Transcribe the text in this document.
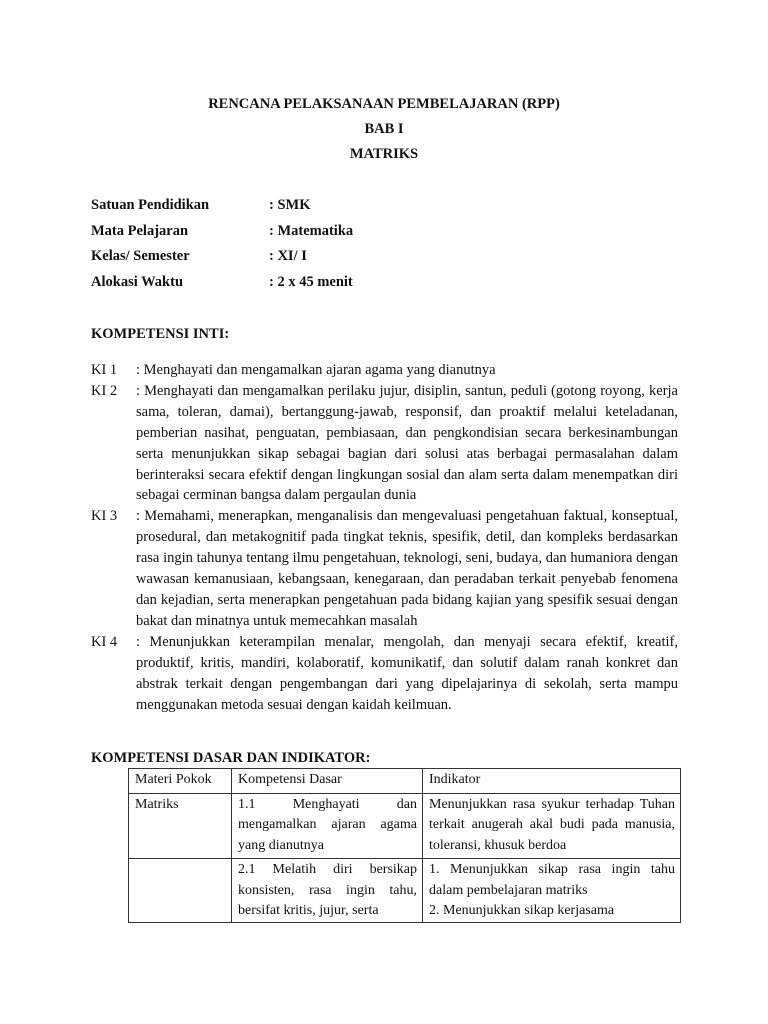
RENCANA PELAKSANAAN PEMBELAJARAN (RPP)
BAB I
MATRIKS
Satuan Pendidikan	: SMK
Mata Pelajaran	: Matematika
Kelas/ Semester	: XI/ I
Alokasi Waktu	: 2 x 45 menit
KOMPETENSI INTI:
KI 1	: Menghayati dan mengamalkan ajaran agama yang dianutnya
KI 2	: Menghayati dan mengamalkan perilaku jujur, disiplin, santun, peduli (gotong royong, kerja sama, toleran, damai), bertanggung-jawab, responsif, dan proaktif melalui keteladanan, pemberian nasihat, penguatan, pembiasaan, dan pengkondisian secara berkesinambungan serta menunjukkan sikap sebagai bagian dari solusi atas berbagai permasalahan dalam berinteraksi secara efektif dengan lingkungan sosial dan alam serta dalam menempatkan diri sebagai cerminan bangsa dalam pergaulan dunia
KI 3	: Memahami, menerapkan, menganalisis dan mengevaluasi pengetahuan faktual, konseptual, prosedural, dan metakognitif pada tingkat teknis, spesifik, detil, dan kompleks berdasarkan rasa ingin tahunya tentang ilmu pengetahuan, teknologi, seni, budaya, dan humaniora dengan wawasan kemanusiaan, kebangsaan, kenegaraan, dan peradaban terkait penyebab fenomena dan kejadian, serta menerapkan pengetahuan pada bidang kajian yang spesifik sesuai dengan bakat dan minatnya untuk memecahkan masalah
KI 4	: Menunjukkan keterampilan menalar, mengolah, dan menyaji secara efektif, kreatif, produktif, kritis, mandiri, kolaboratif, komunikatif, dan solutif dalam ranah konkret dan abstrak terkait dengan pengembangan dari yang dipelajarinya di sekolah, serta mampu menggunakan metoda sesuai dengan kaidah keilmuan.
KOMPETENSI DASAR DAN INDIKATOR:
Materi Pokok	Kompetensi Dasar	Indikator
Matriks	1.1 Menghayati dan mengamalkan ajaran agama yang dianutnya	Menunjukkan rasa syukur terhadap Tuhan terkait anugerah akal budi pada manusia, toleransi, khusuk berdoa

	2.1 Melatih diri bersikap konsisten, rasa ingin tahu, bersifat kritis, jujur, serta	1. Menunjukkan sikap rasa ingin tahu dalam pembelajaran matriks
2. Menunjukkan sikap kerjasama
